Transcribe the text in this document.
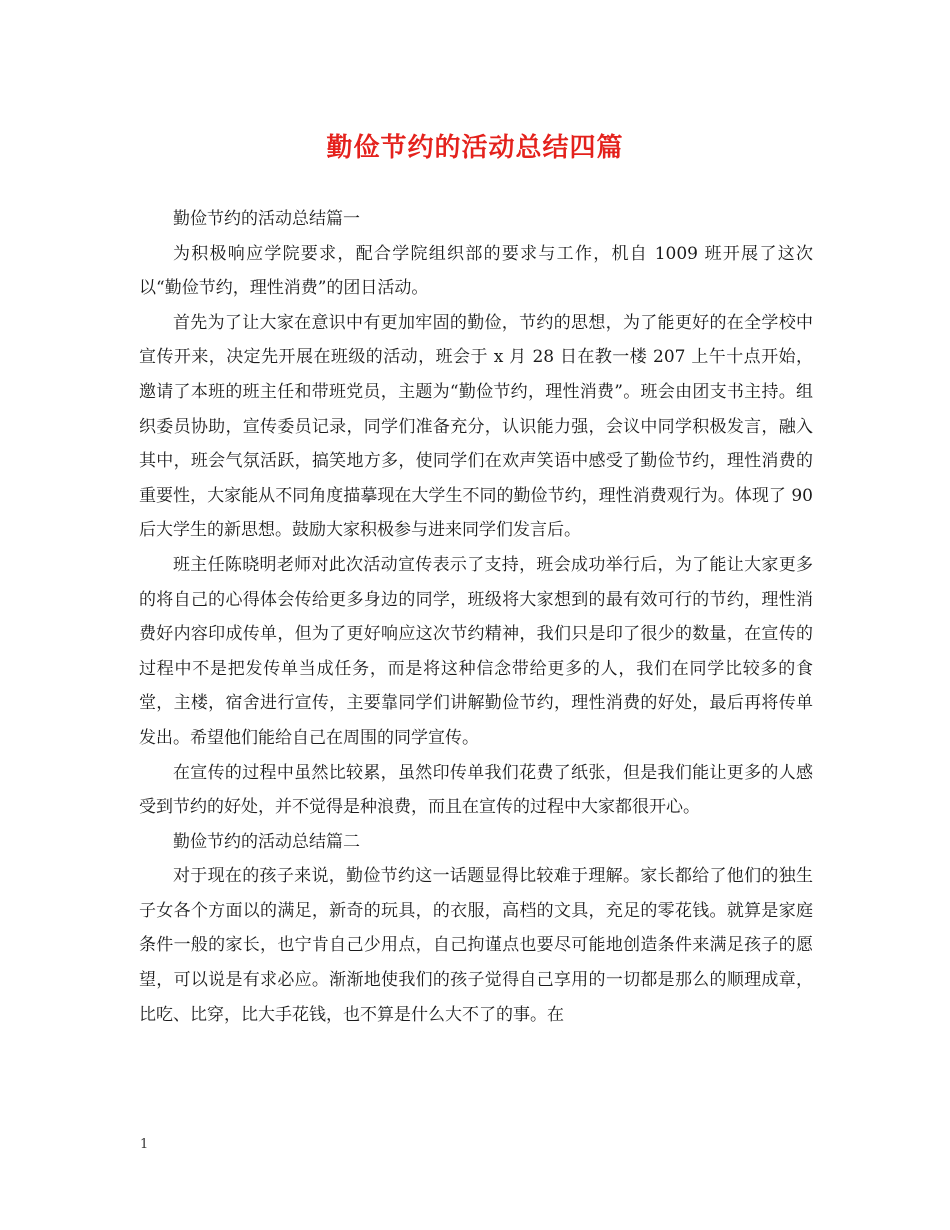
勤俭节约的活动总结四篇

勤俭节约的活动总结篇一

为积极响应学院要求，配合学院组织部的要求与工作，机自 1009 班开展了这次以“勤俭节约，理性消费”的团日活动。

首先为了让大家在意识中有更加牢固的勤俭，节约的思想，为了能更好的在全学校中宣传开来，决定先开展在班级的活动，班会于 x 月 28 日在教一楼 207 上午十点开始，邀请了本班的班主任和带班党员，主题为“勤俭节约，理性消费”。班会由团支书主持。组织委员协助，宣传委员记录，同学们准备充分，认识能力强，会议中同学积极发言，融入其中，班会气氛活跃，搞笑地方多，使同学们在欢声笑语中感受了勤俭节约，理性消费的重要性，大家能从不同角度描摹现在大学生不同的勤俭节约，理性消费观行为。体现了 90 后大学生的新思想。鼓励大家积极参与进来同学们发言后。

班主任陈晓明老师对此次活动宣传表示了支持，班会成功举行后，为了能让大家更多的将自己的心得体会传给更多身边的同学，班级将大家想到的最有效可行的节约，理性消费好内容印成传单，但为了更好响应这次节约精神，我们只是印了很少的数量，在宣传的过程中不是把发传单当成任务，而是将这种信念带给更多的人，我们在同学比较多的食堂，主楼，宿舍进行宣传，主要靠同学们讲解勤俭节约，理性消费的好处，最后再将传单发出。希望他们能给自己在周围的同学宣传。

在宣传的过程中虽然比较累，虽然印传单我们花费了纸张，但是我们能让更多的人感受到节约的好处，并不觉得是种浪费，而且在宣传的过程中大家都很开心。

勤俭节约的活动总结篇二

对于现在的孩子来说，勤俭节约这一话题显得比较难于理解。家长都给了他们的独生子女各个方面以的满足，新奇的玩具，的衣服，高档的文具，充足的零花钱。就算是家庭条件一般的家长，也宁肯自己少用点，自己拘谨点也要尽可能地创造条件来满足孩子的愿望，可以说是有求必应。渐渐地使我们的孩子觉得自己享用的一切都是那么的顺理成章，比吃、比穿，比大手花钱，也不算是什么大不了的事。在

1
